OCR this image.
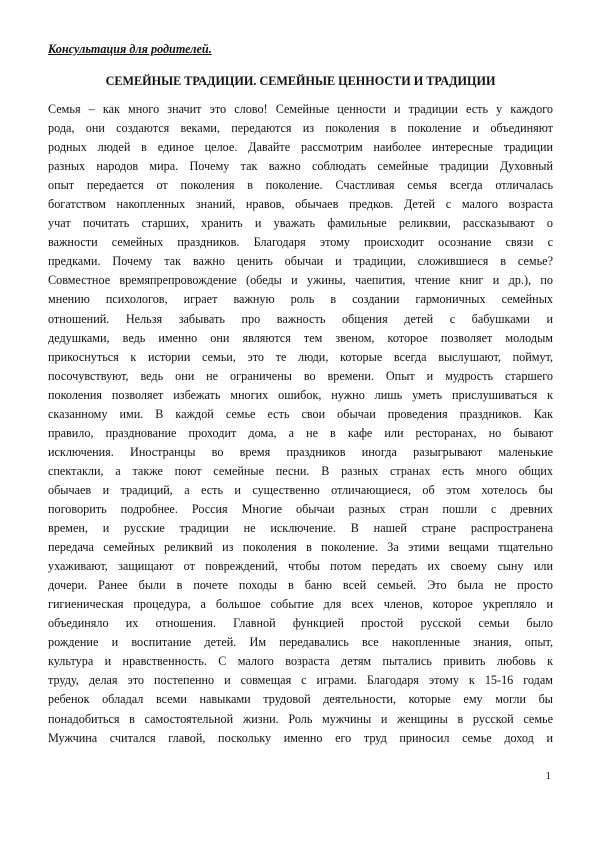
Консультация для родителей.
СЕМЕЙНЫЕ ТРАДИЦИИ. СЕМЕЙНЫЕ ЦЕННОСТИ И ТРАДИЦИИ
Семья – как много значит это слово! Семейные ценности и традиции есть у каждого
рода, они создаются веками, передаются из поколения в поколение и объединяют
родных людей в единое целое. Давайте рассмотрим наиболее интересные традиции
разных народов мира. Почему так важно соблюдать семейные традиции Духовный
опыт передается от поколения в поколение. Счастливая семья всегда отличалась
богатством накопленных знаний, нравов, обычаев предков. Детей с малого возраста
учат почитать старших, хранить и уважать фамильные реликвии, рассказывают о
важности семейных праздников. Благодаря этому происходит осознание связи с
предками. Почему так важно ценить обычаи и традиции, сложившиеся в семье?
Совместное времяпрепровождение (обеды и ужины, чаепития, чтение книг и др.), по
мнению психологов, играет важную роль в создании гармоничных семейных
отношений. Нельзя забывать про важность общения детей с бабушками и
дедушками, ведь именно они являются тем звеном, которое позволяет молодым
прикоснуться к истории семьи, это те люди, которые всегда выслушают, поймут,
посочувствуют, ведь они не ограничены во времени. Опыт и мудрость старшего
поколения позволяет избежать многих ошибок, нужно лишь уметь прислушиваться к
сказанному ими. В каждой семье есть свои обычаи проведения праздников. Как
правило, празднование проходит дома, а не в кафе или ресторанах, но бывают
исключения. Иностранцы во время праздников иногда разыгрывают маленькие
спектакли, а также поют семейные песни. В разных странах есть много общих
обычаев и традиций, а есть и существенно отличающиеся, об этом хотелось бы
поговорить подробнее. Россия Многие обычаи разных стран пошли с древних
времен, и русские традиции не исключение. В нашей стране распространена
передача семейных реликвий из поколения в поколение. За этими вещами тщательно
ухаживают, защищают от повреждений, чтобы потом передать их своему сыну или
дочери. Ранее были в почете походы в баню всей семьей. Это была не просто
гигиеническая процедура, а большое событие для всех членов, которое укрепляло и
объединяло их отношения. Главной функцией простой русской семьи было
рождение и воспитание детей. Им передавались все накопленные знания, опыт,
культура и нравственность. С малого возраста детям пытались привить любовь к
труду, делая это постепенно и совмещая с играми. Благодаря этому к 15-16 годам
ребенок обладал всеми навыками трудовой деятельности, которые ему могли бы
понадобиться в самостоятельной жизни. Роль мужчины и женщины в русской семье
Мужчина считался главой, поскольку именно его труд приносил семье доход и
1
